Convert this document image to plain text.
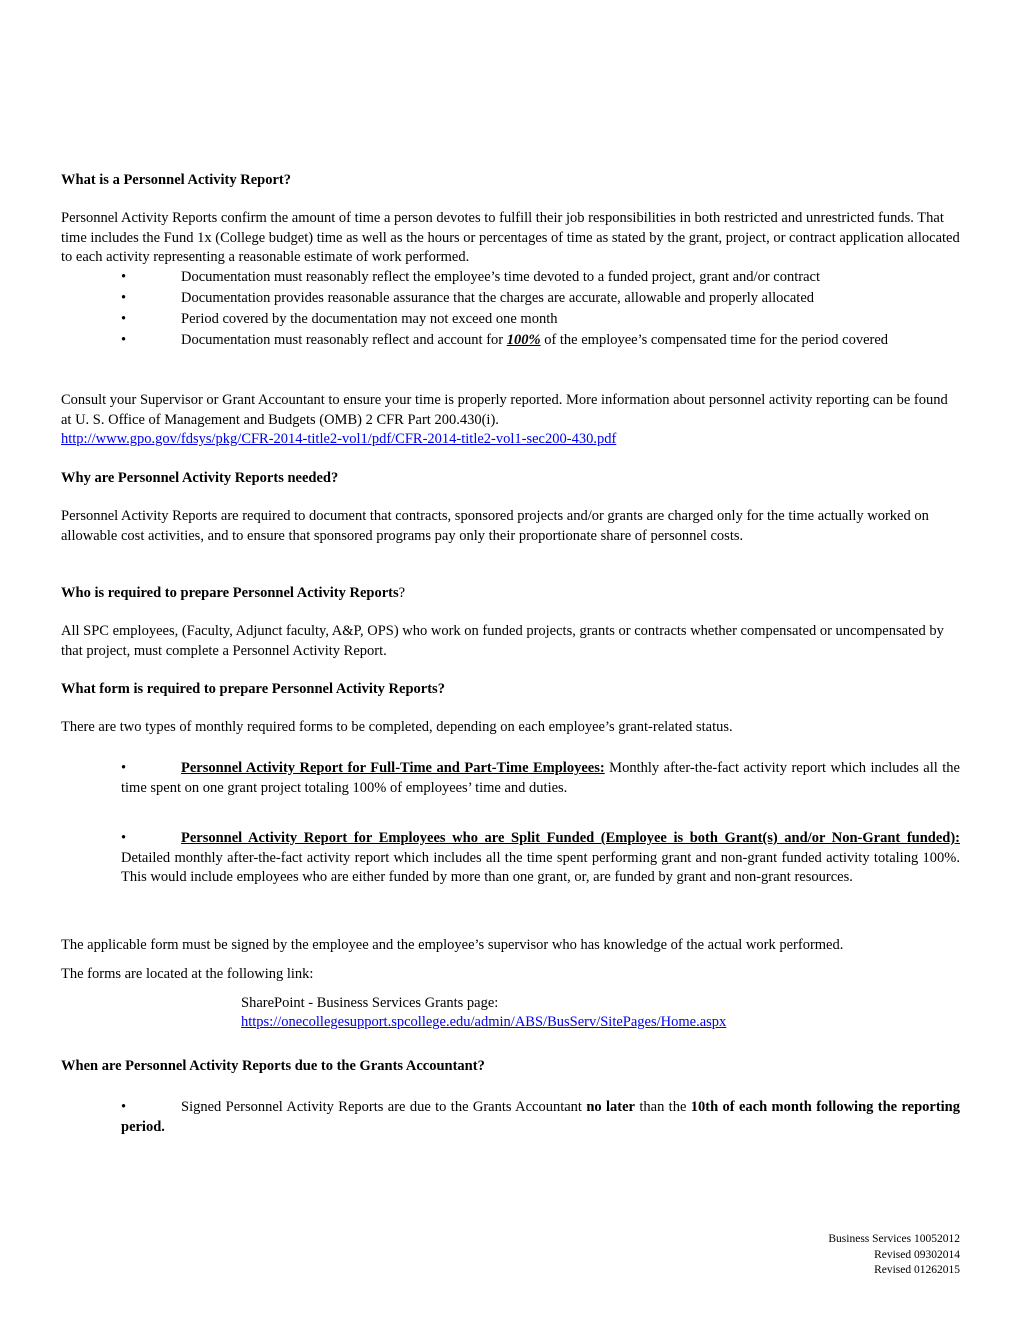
What is a Personnel Activity Report?
Personnel Activity Reports confirm the amount of time a person devotes to fulfill their job responsibilities in both restricted and unrestricted funds. That time includes the Fund 1x (College budget) time as well as the hours or percentages of time as stated by the grant, project, or contract application allocated to each activity representing a reasonable estimate of work performed.
•	Documentation must reasonably reflect the employee’s time devoted to a funded project, grant and/or contract
•	Documentation provides reasonable assurance that the charges are accurate, allowable and properly allocated
•	Period covered by the documentation may not exceed one month
•	Documentation must reasonably reflect and account for 100% of the employee’s compensated time for the period covered
Consult your Supervisor or Grant Accountant to ensure your time is properly reported. More information about personnel activity reporting can be found at U. S. Office of Management and Budgets (OMB) 2 CFR Part 200.430(i).
http://www.gpo.gov/fdsys/pkg/CFR-2014-title2-vol1/pdf/CFR-2014-title2-vol1-sec200-430.pdf
Why are Personnel Activity Reports needed?
Personnel Activity Reports are required to document that contracts, sponsored projects and/or grants are charged only for the time actually worked on allowable cost activities, and to ensure that sponsored programs pay only their proportionate share of personnel costs.
Who is required to prepare Personnel Activity Reports?
All SPC employees, (Faculty, Adjunct faculty, A&P, OPS) who work on funded projects, grants or contracts whether compensated or uncompensated by that project, must complete a Personnel Activity Report.
What form is required to prepare Personnel Activity Reports?
There are two types of monthly required forms to be completed, depending on each employee’s grant-related status.
•	Personnel Activity Report for Full-Time and Part-Time Employees: Monthly after-the-fact activity report which includes all the time spent on one grant project totaling 100% of employees’ time and duties.
•	Personnel Activity Report for Employees who are Split Funded (Employee is both Grant(s) and/or Non-Grant funded): Detailed monthly after-the-fact activity report which includes all the time spent performing grant and non-grant funded activity totaling 100%. This would include employees who are either funded by more than one grant, or, are funded by grant and non-grant resources.
The applicable form must be signed by the employee and the employee’s supervisor who has knowledge of the actual work performed.
The forms are located at the following link:
SharePoint - Business Services Grants page:
https://onecollegesupport.spcollege.edu/admin/ABS/BusServ/SitePages/Home.aspx
When are Personnel Activity Reports due to the Grants Accountant?
•	Signed Personnel Activity Reports are due to the Grants Accountant no later than the 10th of each month following the reporting period.
Business Services 10052012
Revised 09302014
Revised 01262015
